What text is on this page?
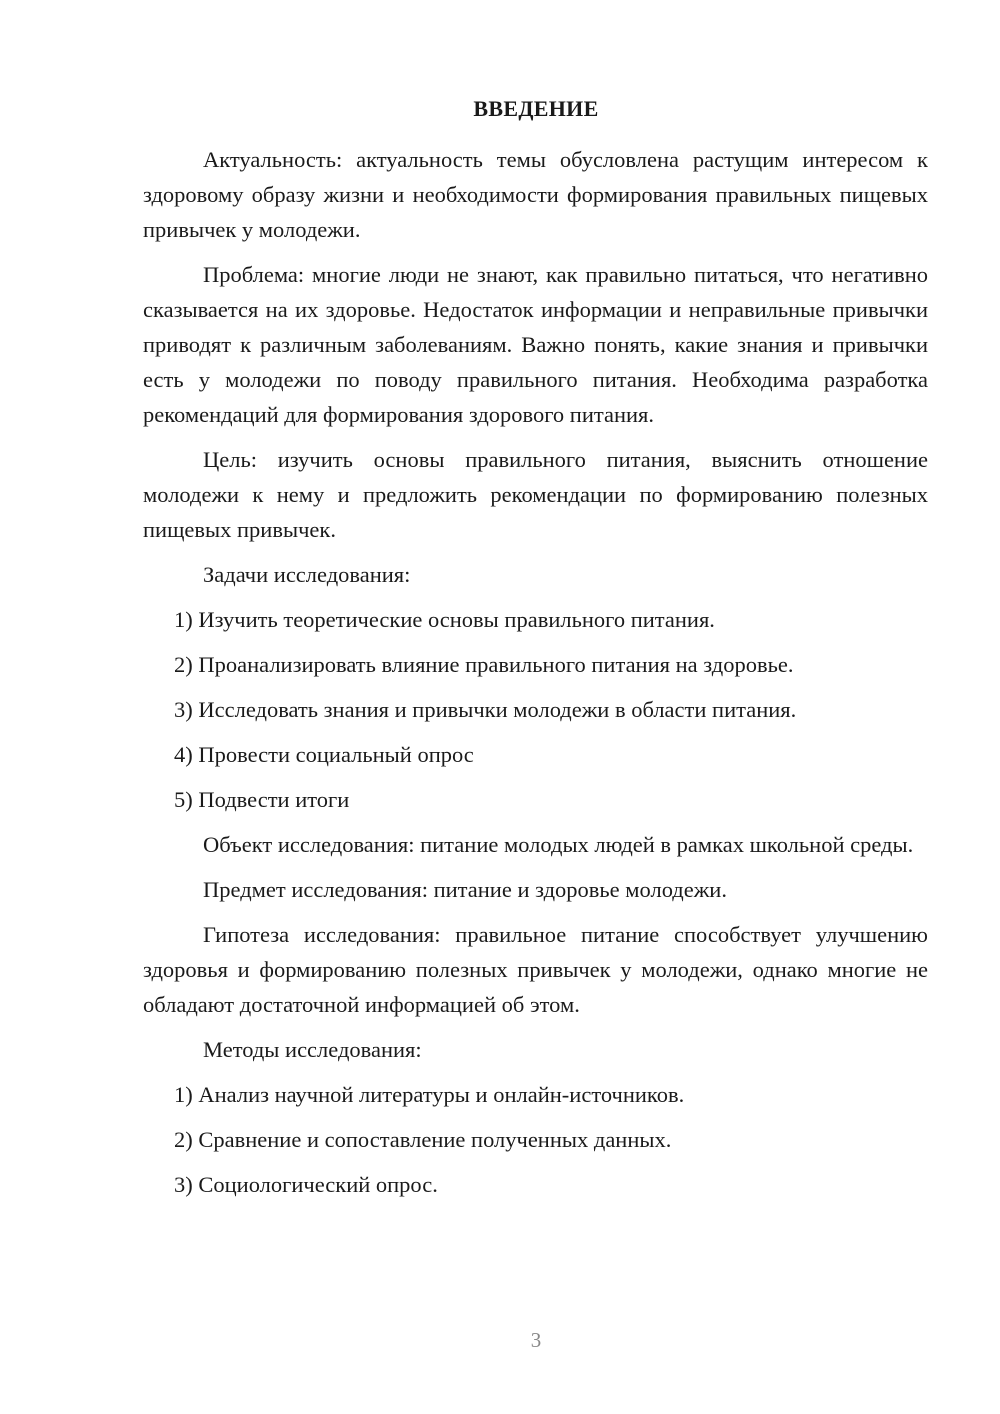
ВВЕДЕНИЕ

Актуальность: актуальность темы обусловлена растущим интересом к здоровому образу жизни и необходимости формирования правильных пищевых привычек у молодежи.

Проблема: многие люди не знают, как правильно питаться, что негативно сказывается на их здоровье. Недостаток информации и неправильные привычки приводят к различным заболеваниям. Важно понять, какие знания и привычки есть у молодежи по поводу правильного питания. Необходима разработка рекомендаций для формирования здорового питания.

Цель: изучить основы правильного питания, выяснить отношение молодежи к нему и предложить рекомендации по формированию полезных пищевых привычек.

Задачи исследования:

1) Изучить теоретические основы правильного питания.

2) Проанализировать влияние правильного питания на здоровье.

3) Исследовать знания и привычки молодежи в области питания.

4) Провести социальный опрос

5) Подвести итоги

Объект исследования: питание молодых людей в рамках школьной среды.

Предмет исследования: питание и здоровье молодежи.

Гипотеза исследования: правильное питание способствует улучшению здоровья и формированию полезных привычек у молодежи, однако многие не обладают достаточной информацией об этом.

Методы исследования:

1) Анализ научной литературы и онлайн-источников.

2) Сравнение и сопоставление полученных данных.

3) Социологический опрос.

3
